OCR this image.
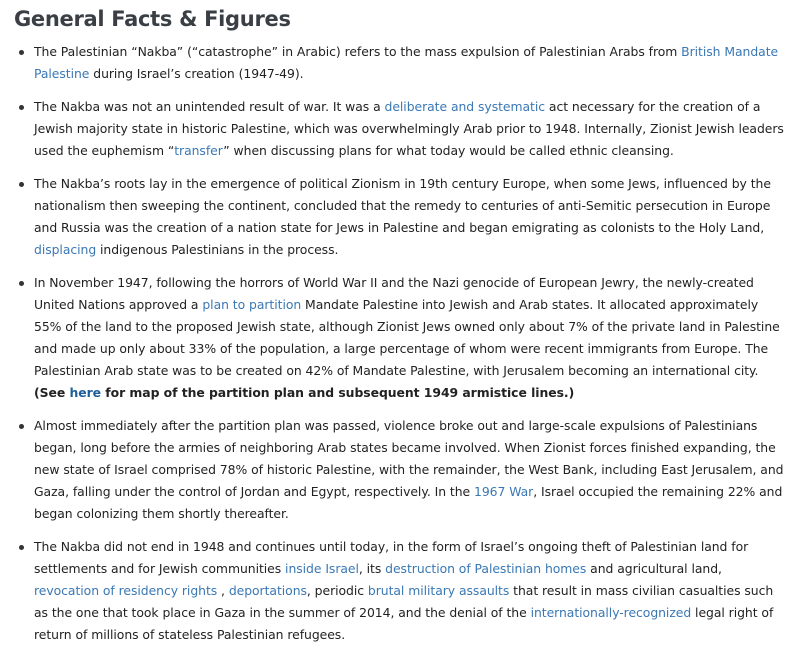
General Facts & Figures
The Palestinian “Nakba” (“catastrophe” in Arabic) refers to the mass expulsion of Palestinian Arabs from British Mandate Palestine during Israel’s creation (1947-49).
The Nakba was not an unintended result of war. It was a deliberate and systematic act necessary for the creation of a Jewish majority state in historic Palestine, which was overwhelmingly Arab prior to 1948. Internally, Zionist Jewish leaders used the euphemism “transfer” when discussing plans for what today would be called ethnic cleansing.
The Nakba’s roots lay in the emergence of political Zionism in 19th century Europe, when some Jews, influenced by the nationalism then sweeping the continent, concluded that the remedy to centuries of anti-Semitic persecution in Europe and Russia was the creation of a nation state for Jews in Palestine and began emigrating as colonists to the Holy Land, displacing indigenous Palestinians in the process.
In November 1947, following the horrors of World War II and the Nazi genocide of European Jewry, the newly-created United Nations approved a plan to partition Mandate Palestine into Jewish and Arab states. It allocated approximately 55% of the land to the proposed Jewish state, although Zionist Jews owned only about 7% of the private land in Palestine and made up only about 33% of the population, a large percentage of whom were recent immigrants from Europe. The Palestinian Arab state was to be created on 42% of Mandate Palestine, with Jerusalem becoming an international city.
(See here for map of the partition plan and subsequent 1949 armistice lines.)
Almost immediately after the partition plan was passed, violence broke out and large-scale expulsions of Palestinians began, long before the armies of neighboring Arab states became involved. When Zionist forces finished expanding, the new state of Israel comprised 78% of historic Palestine, with the remainder, the West Bank, including East Jerusalem, and Gaza, falling under the control of Jordan and Egypt, respectively. In the 1967 War, Israel occupied the remaining 22% and began colonizing them shortly thereafter.
The Nakba did not end in 1948 and continues until today, in the form of Israel’s ongoing theft of Palestinian land for settlements and for Jewish communities inside Israel, its destruction of Palestinian homes and agricultural land, revocation of residency rights , deportations, periodic brutal military assaults that result in mass civilian casualties such as the one that took place in Gaza in the summer of 2014, and the denial of the internationally-recognized legal right of return of millions of stateless Palestinian refugees.
